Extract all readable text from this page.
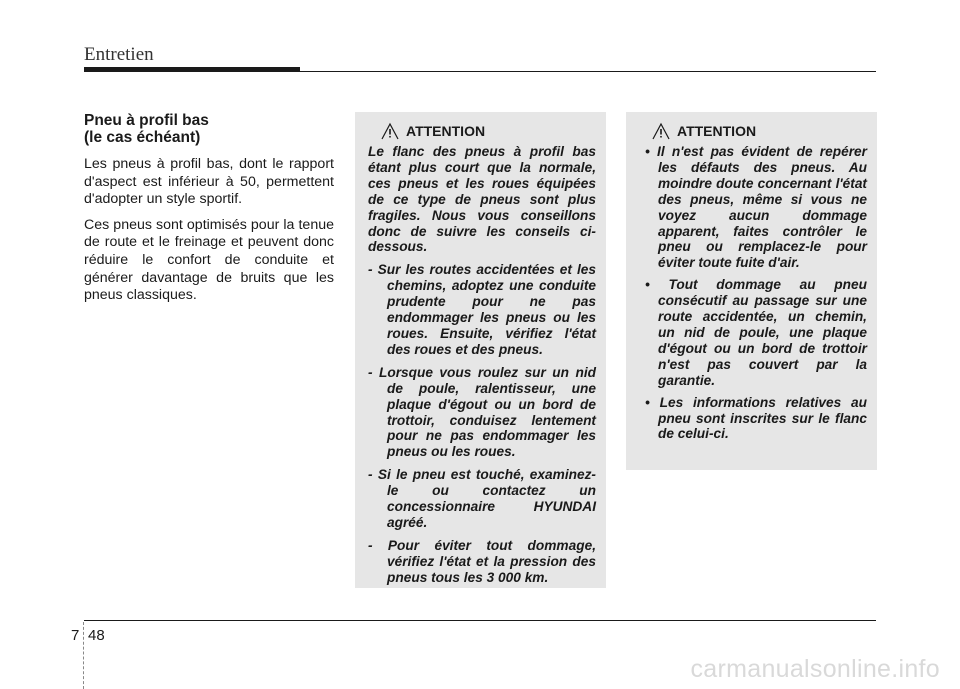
Entretien
Pneu à profil bas
(le cas échéant)

Les pneus à profil bas, dont le rapport d'aspect est inférieur à 50, permettent d'adopter un style sportif.

Ces pneus sont optimisés pour la tenue de route et le freinage et peuvent donc réduire le confort de conduite et générer davantage de bruits que les pneus classiques.

ATTENTION

Le flanc des pneus à profil bas étant plus court que la normale, ces pneus et les roues équipées de ce type de pneus sont plus fragiles. Nous vous conseillons donc de suivre les conseils ci-dessous.

- Sur les routes accidentées et les chemins, adoptez une conduite prudente pour ne pas endommager les pneus ou les roues. Ensuite, vérifiez l'état des roues et des pneus.

- Lorsque vous roulez sur un nid de poule, ralentisseur, une plaque d'égout ou un bord de trottoir, conduisez lentement pour ne pas endommager les pneus ou les roues.

- Si le pneu est touché, examinez-le ou contactez un concessionnaire HYUNDAI agréé.

- Pour éviter tout dommage, vérifiez l'état et la pression des pneus tous les 3 000 km.

ATTENTION

• Il n'est pas évident de repérer les défauts des pneus. Au moindre doute concernant l'état des pneus, même si vous ne voyez aucun dommage apparent, faites contrôler le pneu ou remplacez-le pour éviter toute fuite d'air.

• Tout dommage au pneu consécutif au passage sur une route accidentée, un chemin, un nid de poule, une plaque d'égout ou un bord de trottoir n'est pas couvert par la garantie.

• Les informations relatives au pneu sont inscrites sur le flanc de celui-ci.

7 48
carmanualsonline.info
